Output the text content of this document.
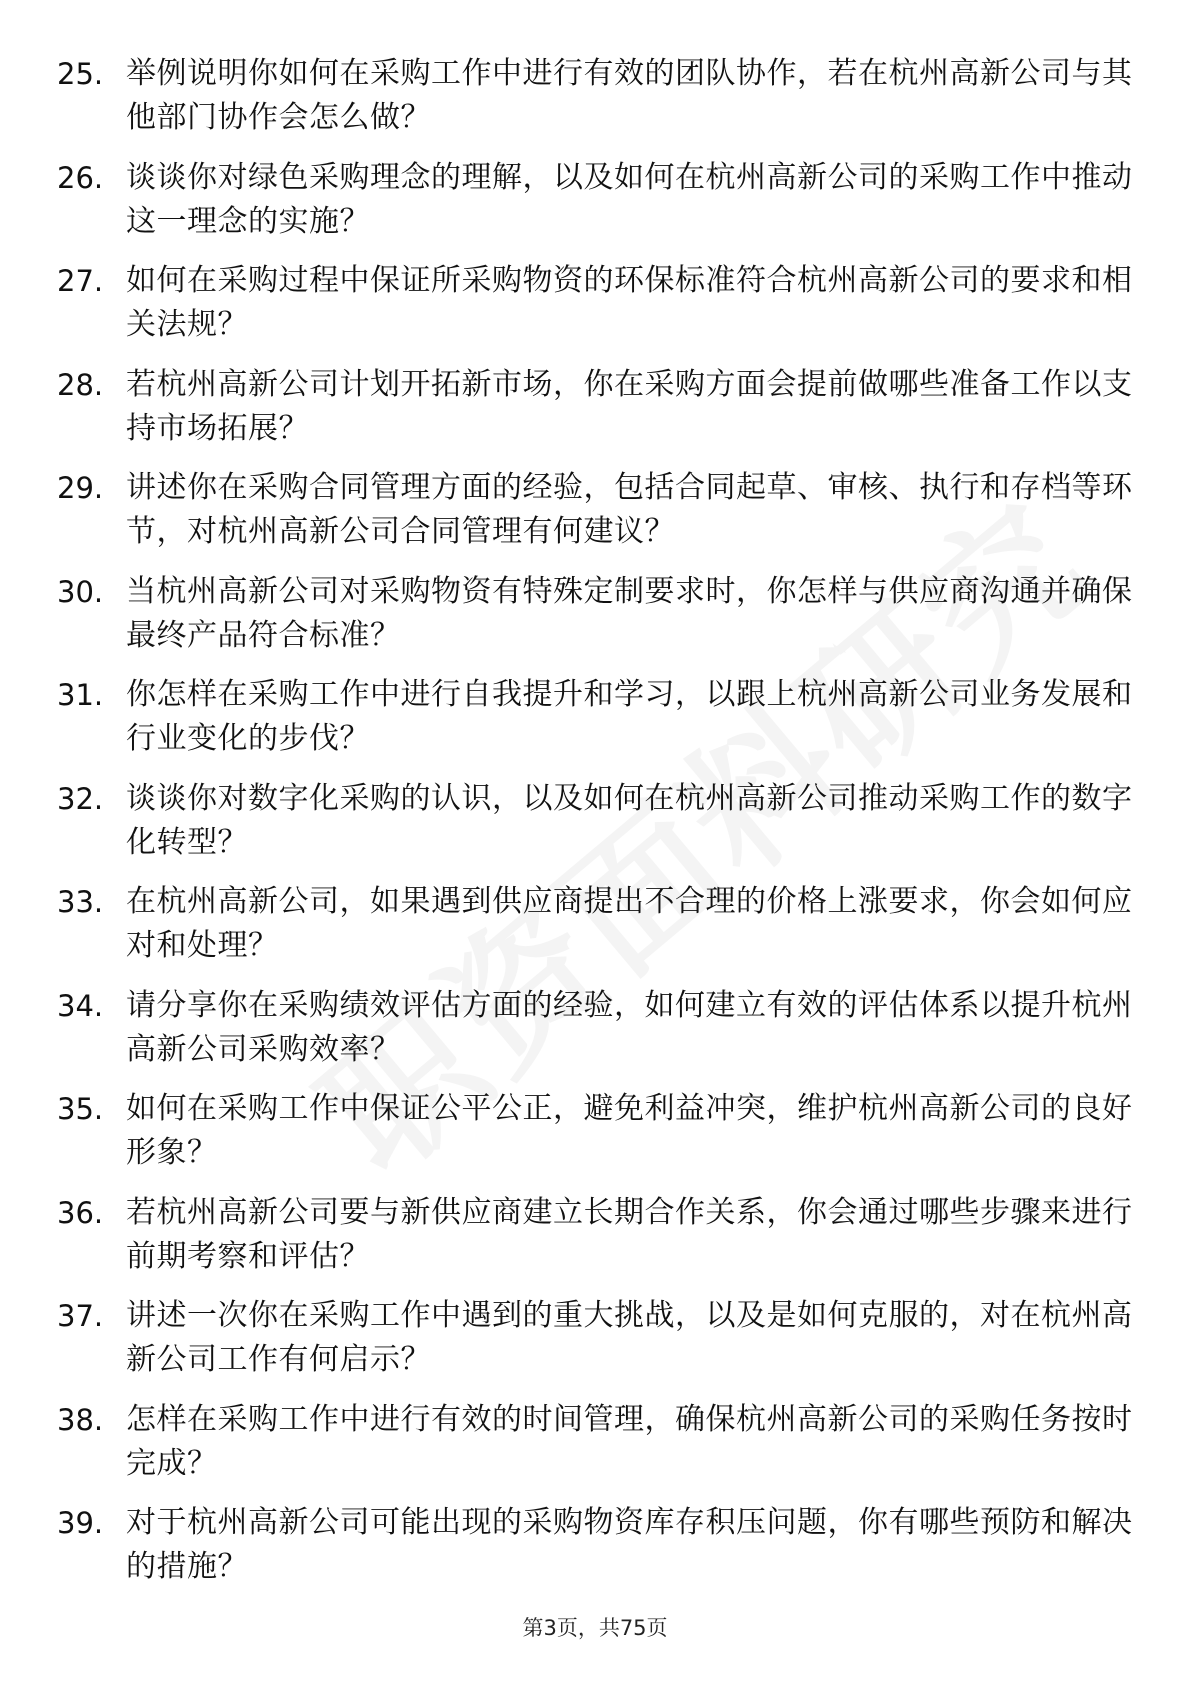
25. 举例说明你如何在采购工作中进行有效的团队协作，若在杭州高新公司与其他部门协作会怎么做？
26. 谈谈你对绿色采购理念的理解，以及如何在杭州高新公司的采购工作中推动这一理念的实施？
27. 如何在采购过程中保证所采购物资的环保标准符合杭州高新公司的要求和相关法规？
28. 若杭州高新公司计划开拓新市场，你在采购方面会提前做哪些准备工作以支持市场拓展？
29. 讲述你在采购合同管理方面的经验，包括合同起草、审核、执行和存档等环节，对杭州高新公司合同管理有何建议？
30. 当杭州高新公司对采购物资有特殊定制要求时，你怎样与供应商沟通并确保最终产品符合标准？
31. 你怎样在采购工作中进行自我提升和学习，以跟上杭州高新公司业务发展和行业变化的步伐？
32. 谈谈你对数字化采购的认识，以及如何在杭州高新公司推动采购工作的数字化转型？
33. 在杭州高新公司，如果遇到供应商提出不合理的价格上涨要求，你会如何应对和处理？
34. 请分享你在采购绩效评估方面的经验，如何建立有效的评估体系以提升杭州高新公司采购效率？
35. 如何在采购工作中保证公平公正，避免利益冲突，维护杭州高新公司的良好形象？
36. 若杭州高新公司要与新供应商建立长期合作关系，你会通过哪些步骤来进行前期考察和评估？
37. 讲述一次你在采购工作中遇到的重大挑战，以及是如何克服的，对在杭州高新公司工作有何启示？
38. 怎样在采购工作中进行有效的时间管理，确保杭州高新公司的采购任务按时完成？
39. 对于杭州高新公司可能出现的采购物资库存积压问题，你有哪些预防和解决的措施？
第3页，共75页
